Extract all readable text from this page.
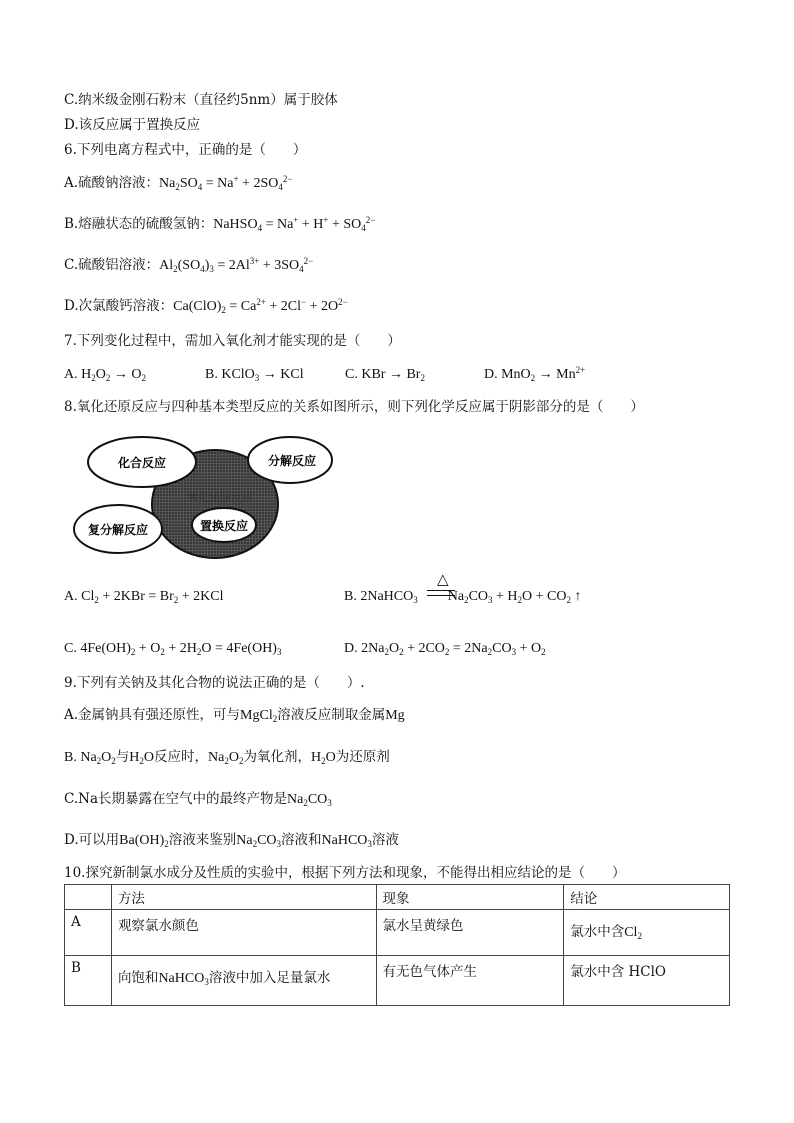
C.纳米级金刚石粉末（直径约5nm）属于胶体
D.该反应属于置换反应
6.下列电离方程式中，正确的是（　　）
A.硫酸钠溶液：$Na_2SO_4 = Na^+ + 2SO_4^{2-}$
B.熔融状态的硫酸氢钠：NaHSO$_4$ = $Na^+ + H^+ + SO_4^{2-}$
C.硫酸铝溶液：$Al_2(SO_4)_3 = 2Al^{3+} + 3SO_4^{2-}$
D.次氯酸钙溶液：$Ca(ClO)_2 = Ca^{2+} + 2Cl^- + 2O^{2-}$
7.下列变化过程中，需加入氧化剂才能实现的是（　　）
A. $H_2O_2 \to O_2$	B. KClO$_3$ → KCl	C. KBr → $Br_2$	D. $MnO_2 \to Mn^{2+}$
8.氧化还原反应与四种基本类型反应的关系如图所示，则下列化学反应属于阴影部分的是（　　）
化合反应	分解反应
复分解反应	置换反应
氧化还原反应
A. $Cl_2 + 2KBr = Br_2 + 2KCl$
△
B. 2NaHCO$_3$ $Na_2CO_3 + H_2O + CO_2$ ↑
C. $4Fe(OH)_2 + O_2 + 2H_2O = 4Fe(OH)_3$	D. $2Na_2O_2 + 2CO_2 = 2Na_2CO_3 + O_2$
9.下列有关钠及其化合物的说法正确的是（　　）.
A.金属钠具有强还原性，可与MgCl$_2$溶液反应制取金属Mg
B. $Na_2O_2$与$H_2O$反应时，$Na_2O_2$为氧化剂，$H_2O$为还原剂
C.Na长期暴露在空气中的最终产物是$Na_2CO_3$
D.可以用$Ba(OH)_2$溶液来鉴别$Na_2CO_3$溶液和NaHCO$_3$溶液
10.探究新制氯水成分及性质的实验中，根据下列方法和现象，不能得出相应结论的是（　　）
	方法	现象	结论
A	观察氯水颜色	氯水呈黄绿色	氯水中含$Cl_2$
B	向饱和NaHCO$_3$溶液中加入足量氯水	有无色气体产生	氯水中含 HClO
